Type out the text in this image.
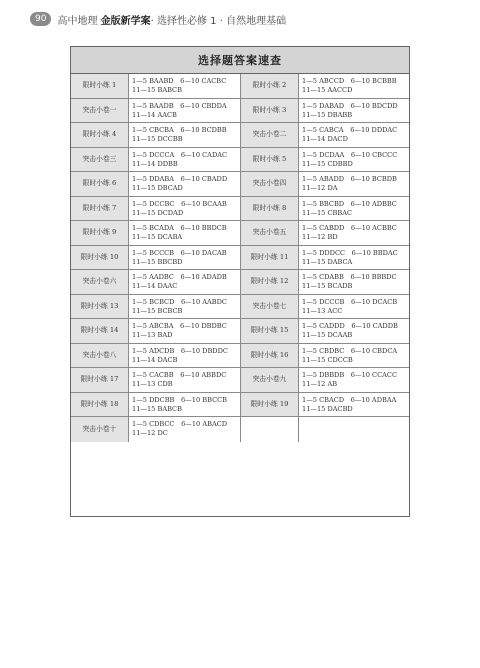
90	高中地理 金版新学案· 选择性必修 1 · 自然地理基础
选择题答案速查
限时小练 1
1—5 BAABD　6—10 CACBC
11—15 BABCB
限时小练 2
1—5 ABCCD　6—10 BCBBB
11—15 AACCD
突击小卷一
1—5 BAADB　6—10 CBDDA
11—14 AACB
限时小练 3
1—5 DABAD　6—10 BDCDD
11—15 DBABB
限时小练 4
1—5 CBCBA　6—10 BCDBB
11—15 DCCBB
突击小卷二
1—5 CABCA　6—10 DDDAC
11—14 DACD
突击小卷三
1—5 DCCCA　6—10 CADAC
11—14 DDBB
限时小练 5
1—5 DCDAA　6—10 CBCCC
11—15 CDBBD
限时小练 6
1—5 DDABA　6—10 CBADD
11—15 DBCAD
突击小卷四
1—5 ABADD　6—10 BCBDB
11—12 DA
限时小练 7
1—5 DCCBC　6—10 BCAAB
11—15 DCDAD
限时小练 8
1—5 BBCBD　6—10 ADBBC
11—15 CBBAC
限时小练 9
1—5 BCADA　6—10 BBDCB
11—15 DCABA
突击小卷五
1—5 CABDD　6—10 ACBBC
11—12 BD
限时小练 10
1—5 BCCCB　6—10 DACAB
11—15 BBCBD
限时小练 11
1—5 DDDCC　6—10 BBDAC
11—15 DABCA
突击小卷六
1—5 AADBC　6—10 ADADB
11—14 DAAC
限时小练 12
1—5 CDABB　6—10 BBBDC
11—15 BCADB
限时小练 13
1—5 BCBCD　6—10 AABDC
11—15 BCBCB
突击小卷七
1—5 DCCCB　6—10 DCACB
11—13 ACC
限时小练 14
1—5 ABCBA　6—10 DBDBC
11—13 BAD
限时小练 15
1—5 CADDD　6—10 CADDB
11—15 DCAAB
突击小卷八
1—5 ADCDB　6—10 DBDDC
11—14 DACB
限时小练 16
1—5 CBDBC　6—10 CBDCA
11—15 CDCCB
限时小练 17
1—5 CACBB　6—10 ABBDC
11—13 CDB
突击小卷九
1—5 DBBDB　6—10 CCACC
11—12 AB
限时小练 18
1—5 DDCBB　6—10 BBCCB
11—15 BABCB
限时小练 19
1—5 CBACD　6—10 ADBAA
11—15 DACBD
突击小卷十
1—5 CDBCC　6—10 ABACD
11—12 DC
